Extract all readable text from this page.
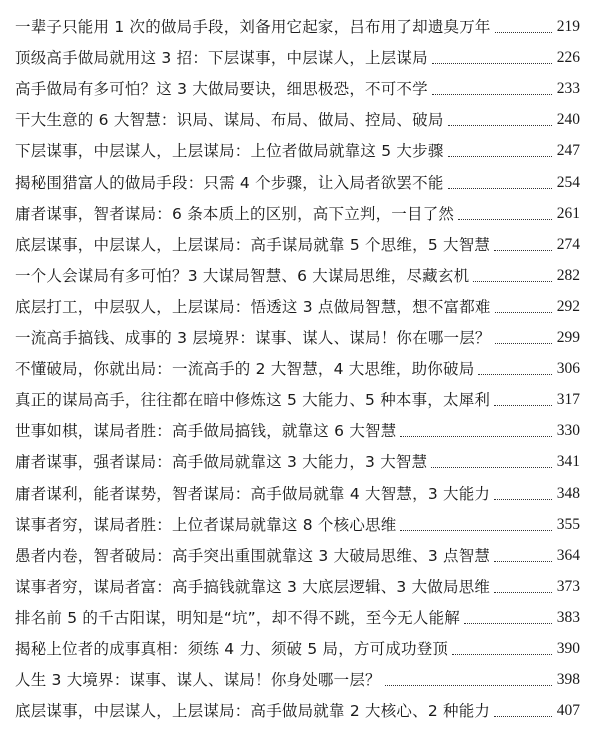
一辈子只能用 1 次的做局手段，刘备用它起家，吕布用了却遗臭万年	219
顶级高手做局就用这 3 招：下层谋事，中层谋人，上层谋局	226
高手做局有多可怕？这 3 大做局要诀，细思极恐，不可不学	233
干大生意的 6 大智慧：识局、谋局、布局、做局、控局、破局	240
下层谋事，中层谋人，上层谋局：上位者做局就靠这 5 大步骤	247
揭秘围猎富人的做局手段：只需 4 个步骤，让入局者欲罢不能	254
庸者谋事，智者谋局：6 条本质上的区别，高下立判，一目了然	261
底层谋事，中层谋人，上层谋局：高手谋局就靠 5 个思维，5 大智慧	274
一个人会谋局有多可怕？3 大谋局智慧、6 大谋局思维，尽藏玄机	282
底层打工，中层驭人，上层谋局：悟透这 3 点做局智慧，想不富都难	292
一流高手搞钱、成事的 3 层境界：谋事、谋人、谋局！你在哪一层？	299
不懂破局，你就出局：一流高手的 2 大智慧，4 大思维，助你破局	306
真正的谋局高手，往往都在暗中修炼这 5 大能力、5 种本事，太犀利	317
世事如棋，谋局者胜：高手做局搞钱，就靠这 6 大智慧	330
庸者谋事，强者谋局：高手做局就靠这 3 大能力，3 大智慧	341
庸者谋利，能者谋势，智者谋局：高手做局就靠 4 大智慧，3 大能力	348
谋事者穷，谋局者胜：上位者谋局就靠这 8 个核心思维	355
愚者内卷，智者破局：高手突出重围就靠这 3 大破局思维、3 点智慧	364
谋事者穷，谋局者富：高手搞钱就靠这 3 大底层逻辑、3 大做局思维	373
排名前 5 的千古阳谋，明知是“坑”，却不得不跳，至今无人能解	383
揭秘上位者的成事真相：须练 4 力、须破 5 局，方可成功登顶	390
人生 3 大境界：谋事、谋人、谋局！你身处哪一层？	398
底层谋事，中层谋人，上层谋局：高手做局就靠 2 大核心、2 种能力	407
